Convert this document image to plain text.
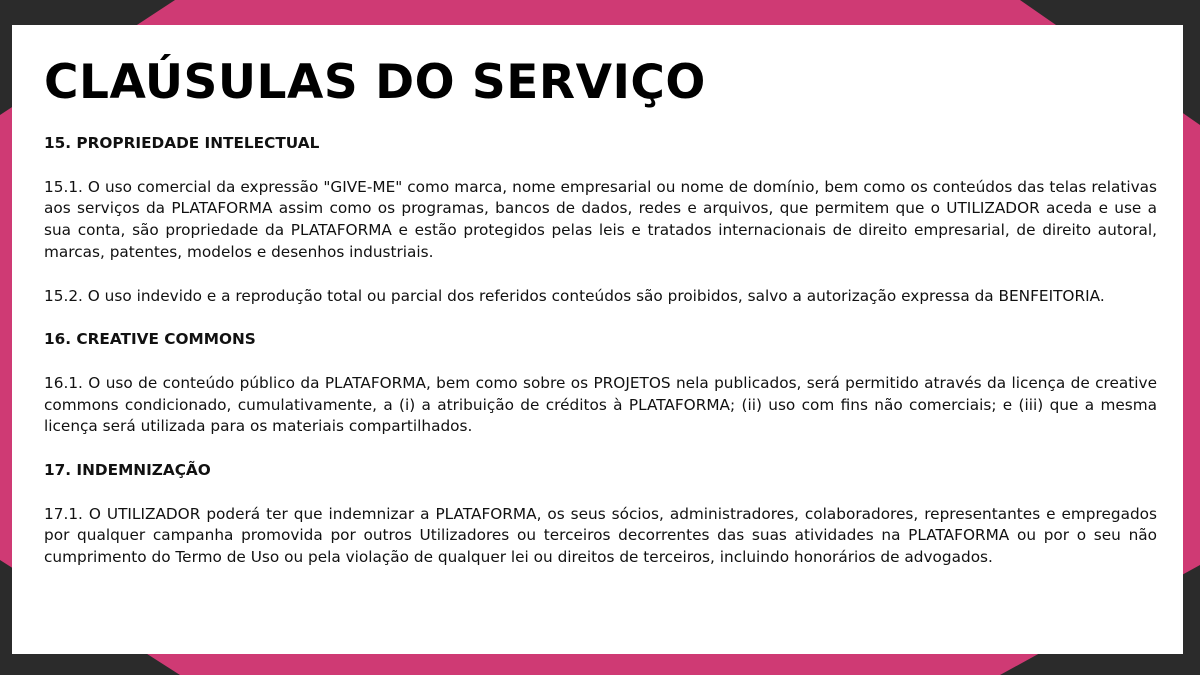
CLAÚSULAS DO SERVIÇO

15. PROPRIEDADE INTELECTUAL

15.1. O uso comercial da expressão "GIVE-ME" como marca, nome empresarial ou nome de domínio, bem como os conteúdos das telas relativas aos serviços da PLATAFORMA assim como os programas, bancos de dados, redes e arquivos, que permitem que o UTILIZADOR aceda e use a sua conta, são propriedade da PLATAFORMA e estão protegidos pelas leis e tratados internacionais de direito empresarial, de direito autoral, marcas, patentes, modelos e desenhos industriais.

15.2. O uso indevido e a reprodução total ou parcial dos referidos conteúdos são proibidos, salvo a autorização expressa da BENFEITORIA.

16. CREATIVE COMMONS

16.1. O uso de conteúdo público da PLATAFORMA, bem como sobre os PROJETOS nela publicados, será permitido através da licença de creative commons condicionado, cumulativamente, a (i) a atribuição de créditos à PLATAFORMA; (ii) uso com fins não comerciais; e (iii) que a mesma licença será utilizada para os materiais compartilhados.

17. INDEMNIZAÇÃO

17.1. O UTILIZADOR poderá ter que indemnizar a PLATAFORMA, os seus sócios, administradores, colaboradores, representantes e empregados por qualquer campanha promovida por outros Utilizadores ou terceiros decorrentes das suas atividades na PLATAFORMA ou por o seu não cumprimento do Termo de Uso ou pela violação de qualquer lei ou direitos de terceiros, incluindo honorários de advogados.
